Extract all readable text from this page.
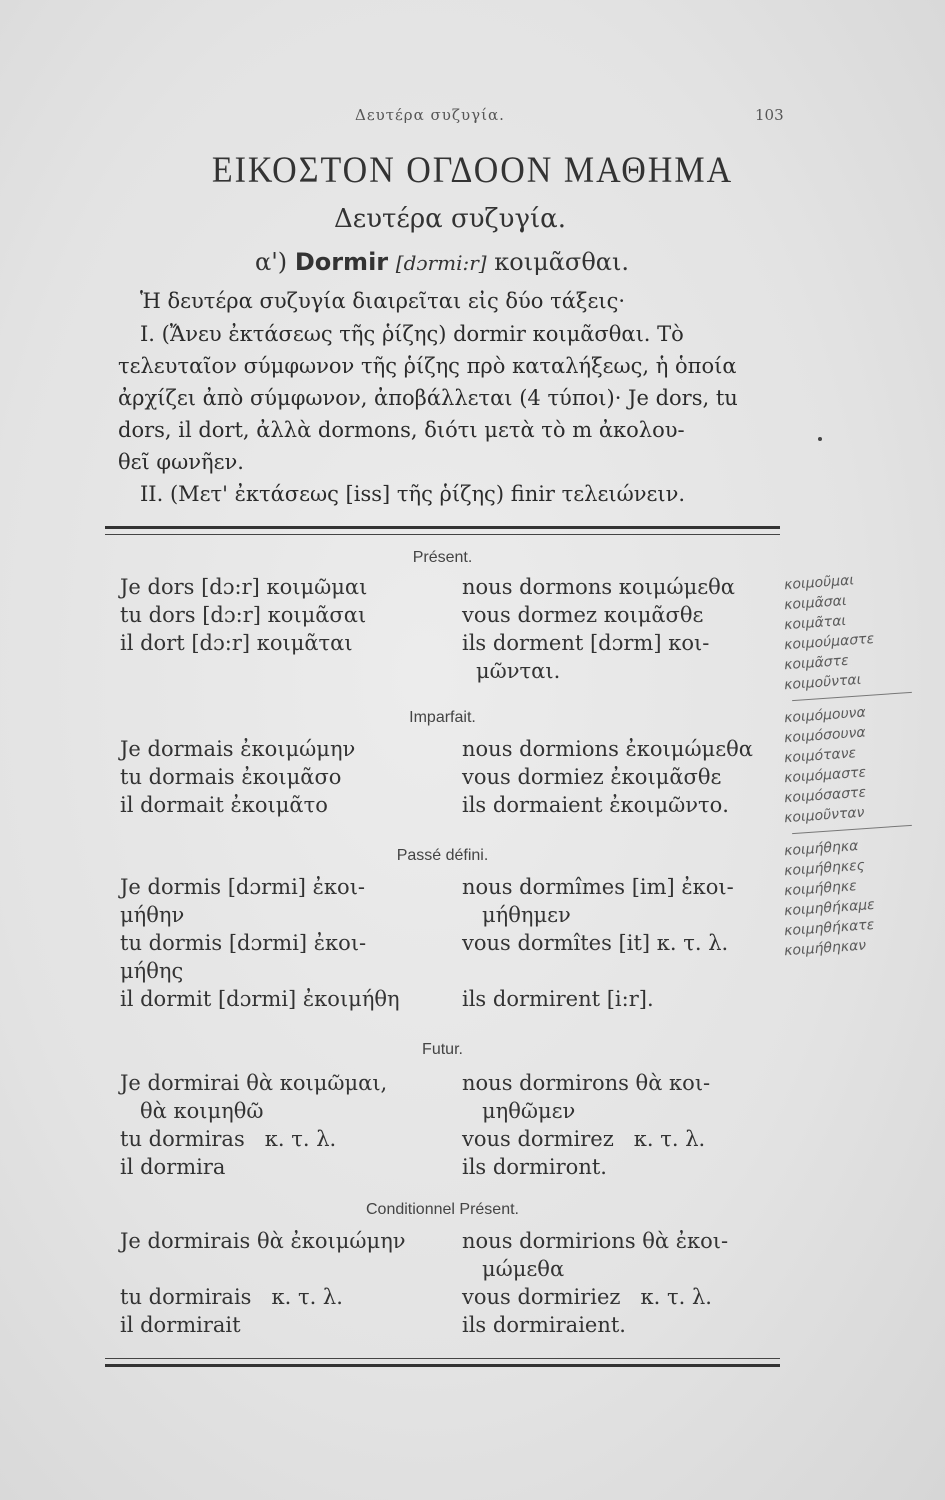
Δευτέρα συζυγία.	103
ΕΙΚΟΣΤΟΝ ΟΓΔΟΟΝ ΜΑΘΗΜΑ
Δευτέρα συζυγία.
α') Dormir [dɔrmi:r] κοιμᾶσθαι.
Ἡ δευτέρα συζυγία διαιρεῖται εἰς δύο τάξεις·
I. (Ἄνευ ἐκτάσεως τῆς ῥίζης) dormir κοιμᾶσθαι. Τὸ
τελευταῖον σύμφωνον τῆς ῥίζης πρὸ καταλήξεως, ἡ ὁποία
ἀρχίζει ἀπὸ σύμφωνον, ἀποβάλλεται (4 τύποι)· Je dors, tu
dors, il dort, ἀλλὰ dormons, διότι μετὰ τὸ m ἀκολου-
θεῖ φωνῆεν.
II. (Μετ' ἐκτάσεως [iss] τῆς ῥίζης) finir τελειώνειν.
Présent.
Je dors [dɔ:r] κοιμῶμαι
tu dors [dɔ:r] κοιμᾶσαι
il dort [dɔ:r] κοιμᾶται
nous dormons κοιμώμεθα
vous dormez κοιμᾶσθε
ils dorment [dɔrm] κοι-
μῶνται.
Imparfait.
Je dormais ἐκοιμώμην
tu dormais ἐκοιμᾶσο
il dormait ἐκοιμᾶτο
nous dormions ἐκοιμώμεθα
vous dormiez ἐκοιμᾶσθε
ils dormaient ἐκοιμῶντο.
Passé défini.
Je dormis [dɔrmi] ἐκοι-
μήθην
tu dormis [dɔrmi] ἐκοι-
μήθης
il dormit [dɔrmi] ἐκοιμήθη
nous dormîmes [im] ἐκοι-
μήθημεν
vous dormîtes [it] κ. τ. λ.
ils dormirent [i:r].
Futur.
Je dormirai θὰ κοιμῶμαι,
θὰ κοιμηθῶ
tu dormiras   κ. τ. λ.
il dormira
nous dormirons θὰ κοι-
μηθῶμεν
vous dormirez   κ. τ. λ.
ils dormiront.
Conditionnel Présent.
Je dormirais θὰ ἐκοιμώμην
tu dormirais   κ. τ. λ.
il dormirait
nous dormirions θὰ ἐκοι-
μώμεθα
vous dormiriez   κ. τ. λ.
ils dormiraient.
κοιμοῦμαι
κοιμᾶσαι
κοιμᾶται
κοιμούμαστε
κοιμᾶστε
κοιμοῦνται
κοιμόμουνα
κοιμόσουνα
κοιμότανε
κοιμόμαστε
κοιμόσαστε
κοιμοῦνταν
κοιμήθηκα
κοιμήθηκες
κοιμήθηκε
κοιμηθήκαμε
κοιμηθήκατε
κοιμήθηκαν
